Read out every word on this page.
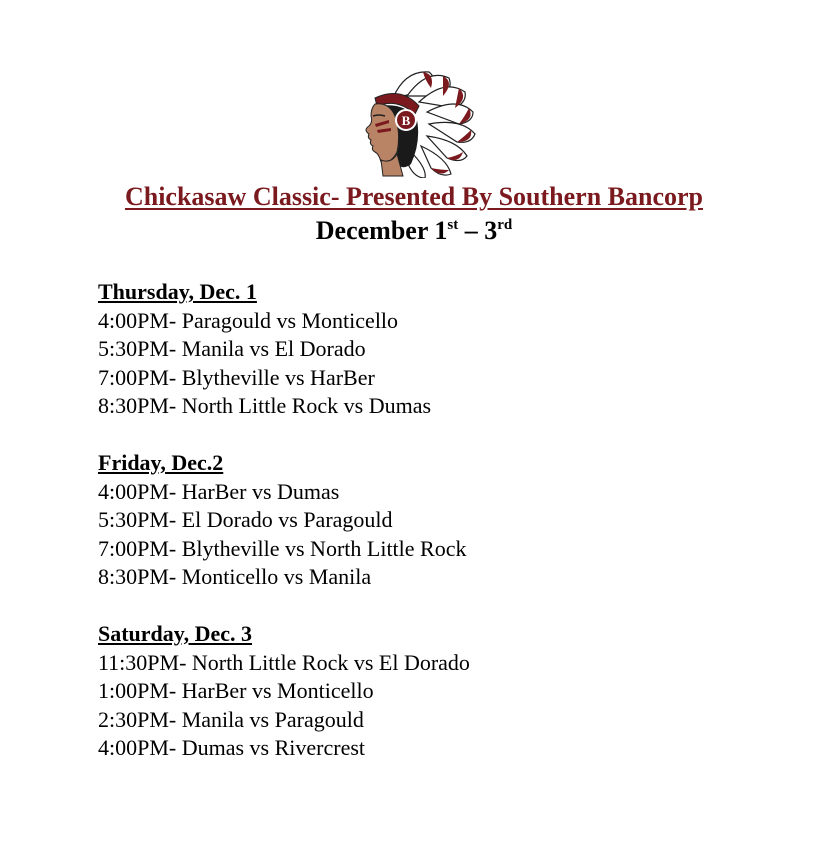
B
Chickasaw Classic- Presented By Southern Bancorp
December 1st – 3rd
Thursday, Dec. 1
4:00PM- Paragould vs Monticello
5:30PM- Manila vs El Dorado
7:00PM- Blytheville vs HarBer
8:30PM- North Little Rock vs Dumas
Friday, Dec.2
4:00PM- HarBer vs Dumas
5:30PM- El Dorado vs Paragould
7:00PM- Blytheville vs North Little Rock
8:30PM- Monticello vs Manila
Saturday, Dec. 3
11:30PM- North Little Rock vs El Dorado
1:00PM- HarBer vs Monticello
2:30PM- Manila vs Paragould
4:00PM- Dumas vs Rivercrest
